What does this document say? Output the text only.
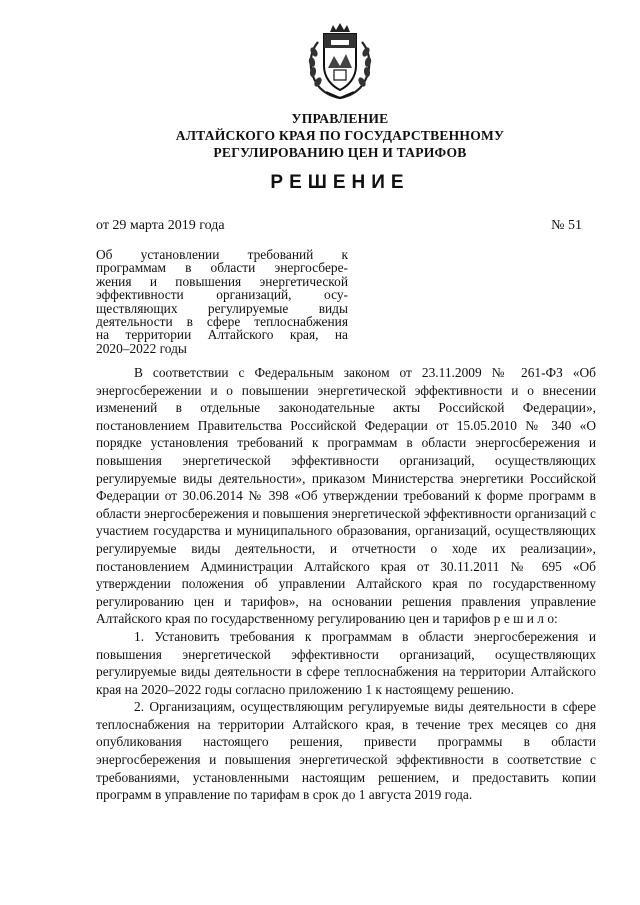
УПРАВЛЕНИЕ
АЛТАЙСКОГО КРАЯ ПО ГОСУДАРСТВЕННОМУ
РЕГУЛИРОВАНИЮ ЦЕН И ТАРИФОВ
РЕШЕНИЕ
от 29 марта 2019 года	№ 51
Об установлении требований к
программам в области энергосбере-
жения и повышения энергетической
эффективности организаций, осу-
ществляющих регулируемые виды
деятельности в сфере теплоснабжения
на территории Алтайского края, на
2020–2022 годы

В соответствии с Федеральным законом от 23.11.2009 № 261-ФЗ «Об энергосбережении и о повышении энергетической эффективности и о внесении изменений в отдельные законодательные акты Российской Федерации», постановлением Правительства Российской Федерации от 15.05.2010 № 340 «О порядке установления требований к программам в области энергосбережения и повышения энергетической эффективности организаций, осуществляющих регулируемые виды деятельности», приказом Министерства энергетики Российской Федерации от 30.06.2014 № 398 «Об утверждении требований к форме программ в области энергосбережения и повышения энергетической эффективности организаций с участием государства и муниципального образования, организаций, осуществляющих регулируемые виды деятельности, и отчетности о ходе их реализации», постановлением Администрации Алтайского края от 30.11.2011 № 695 «Об утверждении положения об управлении Алтайского края по государственному регулированию цен и тарифов», на основании решения правления управление Алтайского края по государственному регулированию цен и тарифов р е ш и л о:

1. Установить требования к программам в области энергосбережения и повышения энергетической эффективности организаций, осуществляющих регулируемые виды деятельности в сфере теплоснабжения на территории Алтайского края на 2020–2022 годы согласно приложению 1 к настоящему решению.

2. Организациям, осуществляющим регулируемые виды деятельности в сфере теплоснабжения на территории Алтайского края, в течение трех месяцев со дня опубликования настоящего решения, привести программы в области энергосбережения и повышения энергетической эффективности в соответствие с требованиями, установленными настоящим решением, и предоставить копии программ в управление по тарифам в срок до 1 августа 2019 года.
